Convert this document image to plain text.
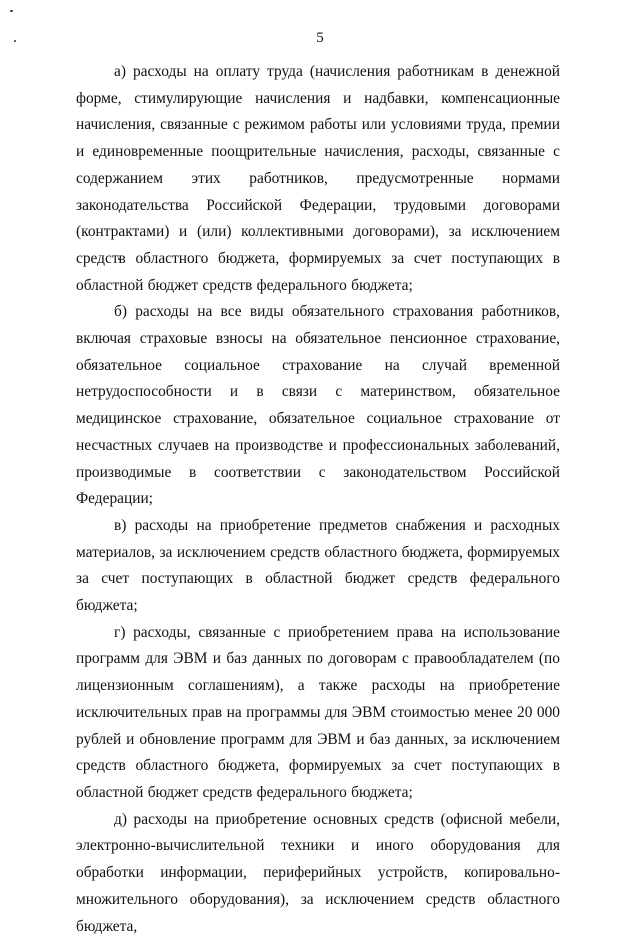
5

а) расходы на оплату труда (начисления работникам в денежной форме, стимулирующие начисления и надбавки, компенсационные начисления, связанные с режимом работы или условиями труда, премии и единовременные поощрительные начисления, расходы, связанные с содержанием этих работников, предусмотренные нормами законодательства Российской Федерации, трудовыми договорами (контрактами) и (или) коллективными договорами), за исключением средств областного бюджета, формируемых за счет поступающих в областной бюджет средств федерального бюджета;

б) расходы на все виды обязательного страхования работников, включая страховые взносы на обязательное пенсионное страхование, обязательное социальное страхование на случай временной нетрудоспособности и в связи с материнством, обязательное медицинское страхование, обязательное социальное страхование от несчастных случаев на производстве и профессиональных заболеваний, производимые в соответствии с законодательством Российской Федерации;

в) расходы на приобретение предметов снабжения и расходных материалов, за исключением средств областного бюджета, формируемых за счет поступающих в областной бюджет средств федерального бюджета;

г) расходы, связанные с приобретением права на использование программ для ЭВМ и баз данных по договорам с правообладателем (по лицензионным соглашениям), а также расходы на приобретение исключительных прав на программы для ЭВМ стоимостью менее 20 000 рублей и обновление программ для ЭВМ и баз данных, за исключением средств областного бюджета, формируемых за счет поступающих в областной бюджет средств федерального бюджета;

д) расходы на приобретение основных средств (офисной мебели, электронно-вычислительной техники и иного оборудования для обработки информации, периферийных устройств, копировально-множительного оборудования), за исключением средств областного бюджета,
